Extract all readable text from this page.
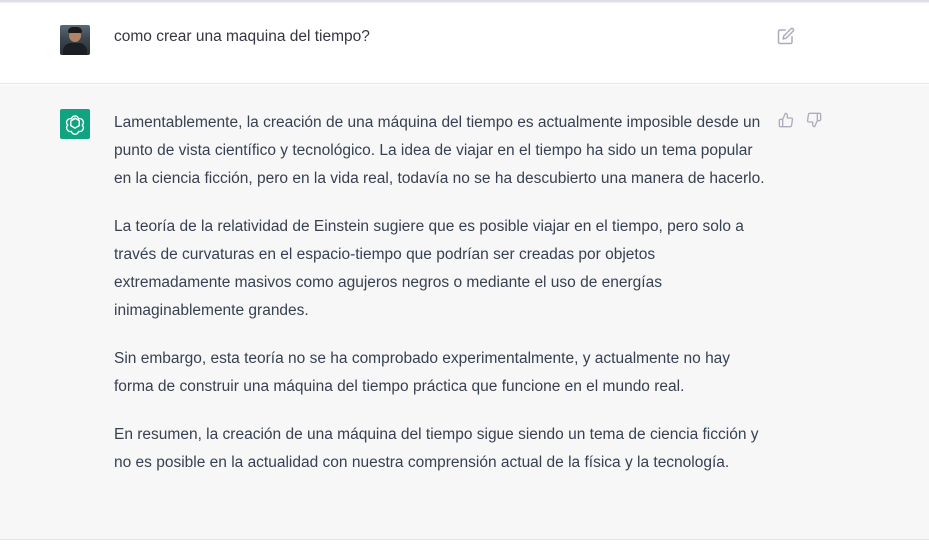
como crear una maquina del tiempo?

Lamentablemente, la creación de una máquina del tiempo es actualmente imposible desde un punto de vista científico y tecnológico. La idea de viajar en el tiempo ha sido un tema popular en la ciencia ficción, pero en la vida real, todavía no se ha descubierto una manera de hacerlo.

La teoría de la relatividad de Einstein sugiere que es posible viajar en el tiempo, pero solo a través de curvaturas en el espacio-tiempo que podrían ser creadas por objetos extremadamente masivos como agujeros negros o mediante el uso de energías inimaginablemente grandes.

Sin embargo, esta teoría no se ha comprobado experimentalmente, y actualmente no hay forma de construir una máquina del tiempo práctica que funcione en el mundo real.

En resumen, la creación de una máquina del tiempo sigue siendo un tema de ciencia ficción y no es posible en la actualidad con nuestra comprensión actual de la física y la tecnología.
